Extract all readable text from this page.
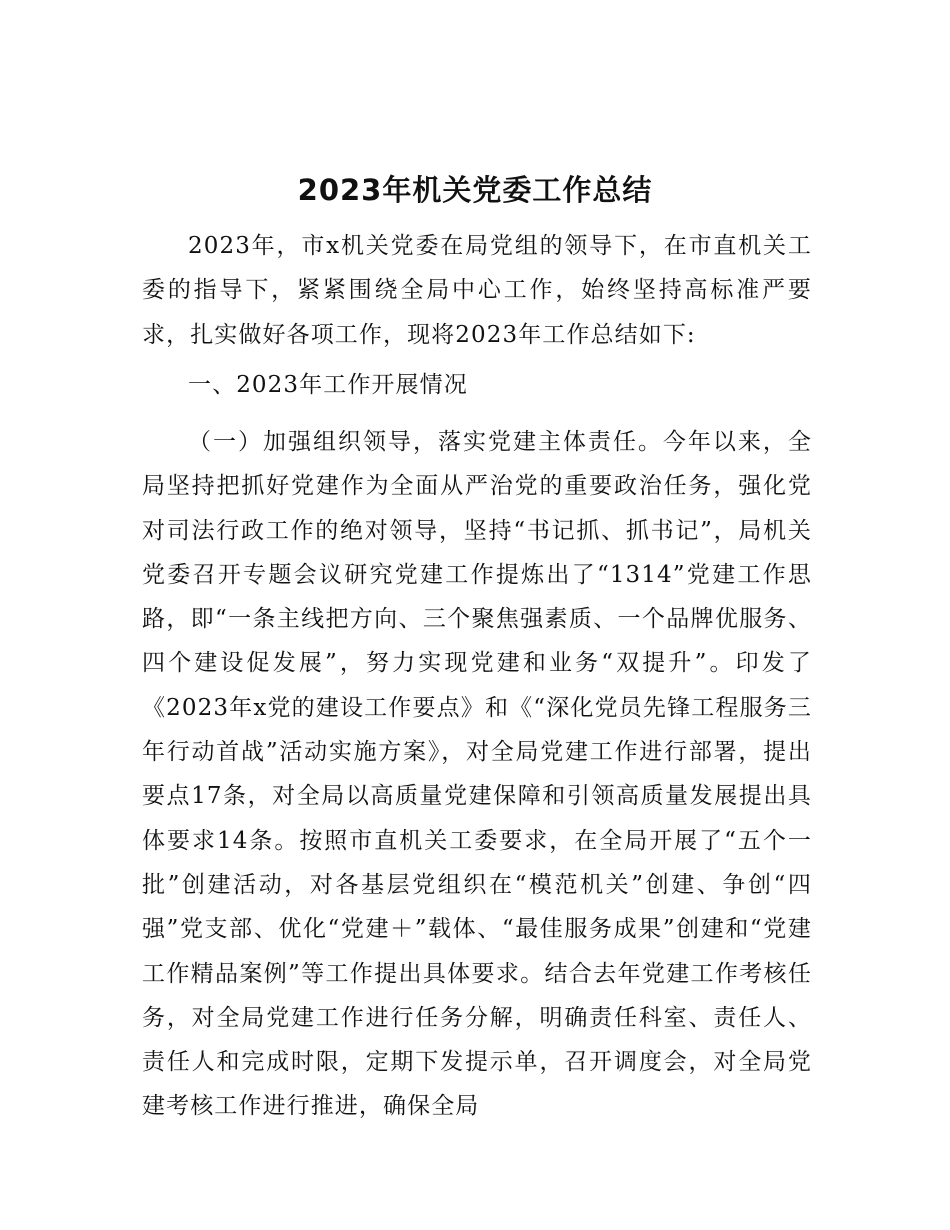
2023年机关党委工作总结
2023年，市x机关党委在局党组的领导下，在市直机关工委的指导下，紧紧围绕全局中心工作，始终坚持高标准严要求，扎实做好各项工作，现将2023年工作总结如下:
一、2023年工作开展情况
（一）加强组织领导，落实党建主体责任。今年以来，全局坚持把抓好党建作为全面从严治党的重要政治任务，强化党对司法行政工作的绝对领导，坚持“书记抓、抓书记”，局机关党委召开专题会议研究党建工作提炼出了“1314”党建工作思路，即“一条主线把方向、三个聚焦强素质、一个品牌优服务、四个建设促发展”，努力实现党建和业务“双提升”。印发了《2023年x党的建设工作要点》和《“深化党员先锋工程服务三年行动首战”活动实施方案》，对全局党建工作进行部署，提出要点17条，对全局以高质量党建保障和引领高质量发展提出具体要求14条。按照市直机关工委要求，在全局开展了“五个一批”创建活动，对各基层党组织在“模范机关”创建、争创“四强”党支部、优化“党建＋”载体、“最佳服务成果”创建和“党建工作精品案例”等工作提出具体要求。结合去年党建工作考核任务，对全局党建工作进行任务分解，明确责任科室、责任人、责任人和完成时限，定期下发提示单，召开调度会，对全局党建考核工作进行推进，确保全局
